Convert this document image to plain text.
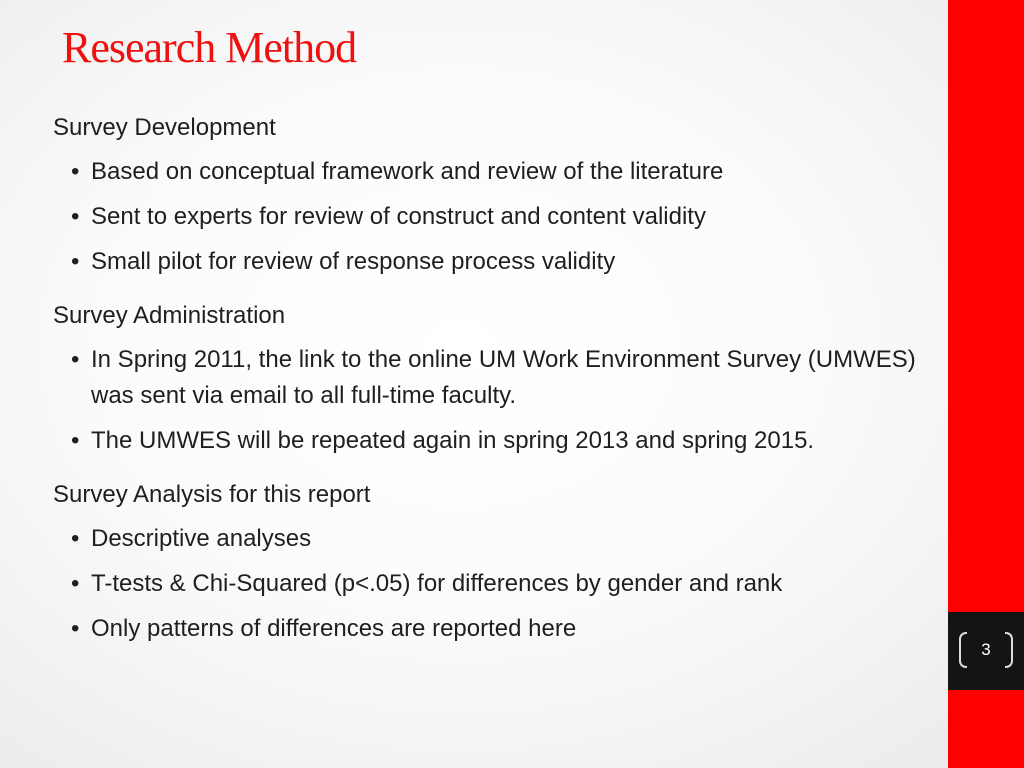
Research Method
Survey Development
• Based on conceptual framework and review of the literature
• Sent to experts for review of construct and content validity
• Small pilot for review of response process validity
Survey Administration
• In Spring 2011, the link to the online UM Work Environment Survey (UMWES) was sent via email to all full-time faculty.
• The UMWES will be repeated again in spring 2013 and spring 2015.
Survey Analysis for this report
• Descriptive analyses
• T-tests & Chi-Squared (p<.05) for differences by gender and rank
• Only patterns of differences are reported here
3
